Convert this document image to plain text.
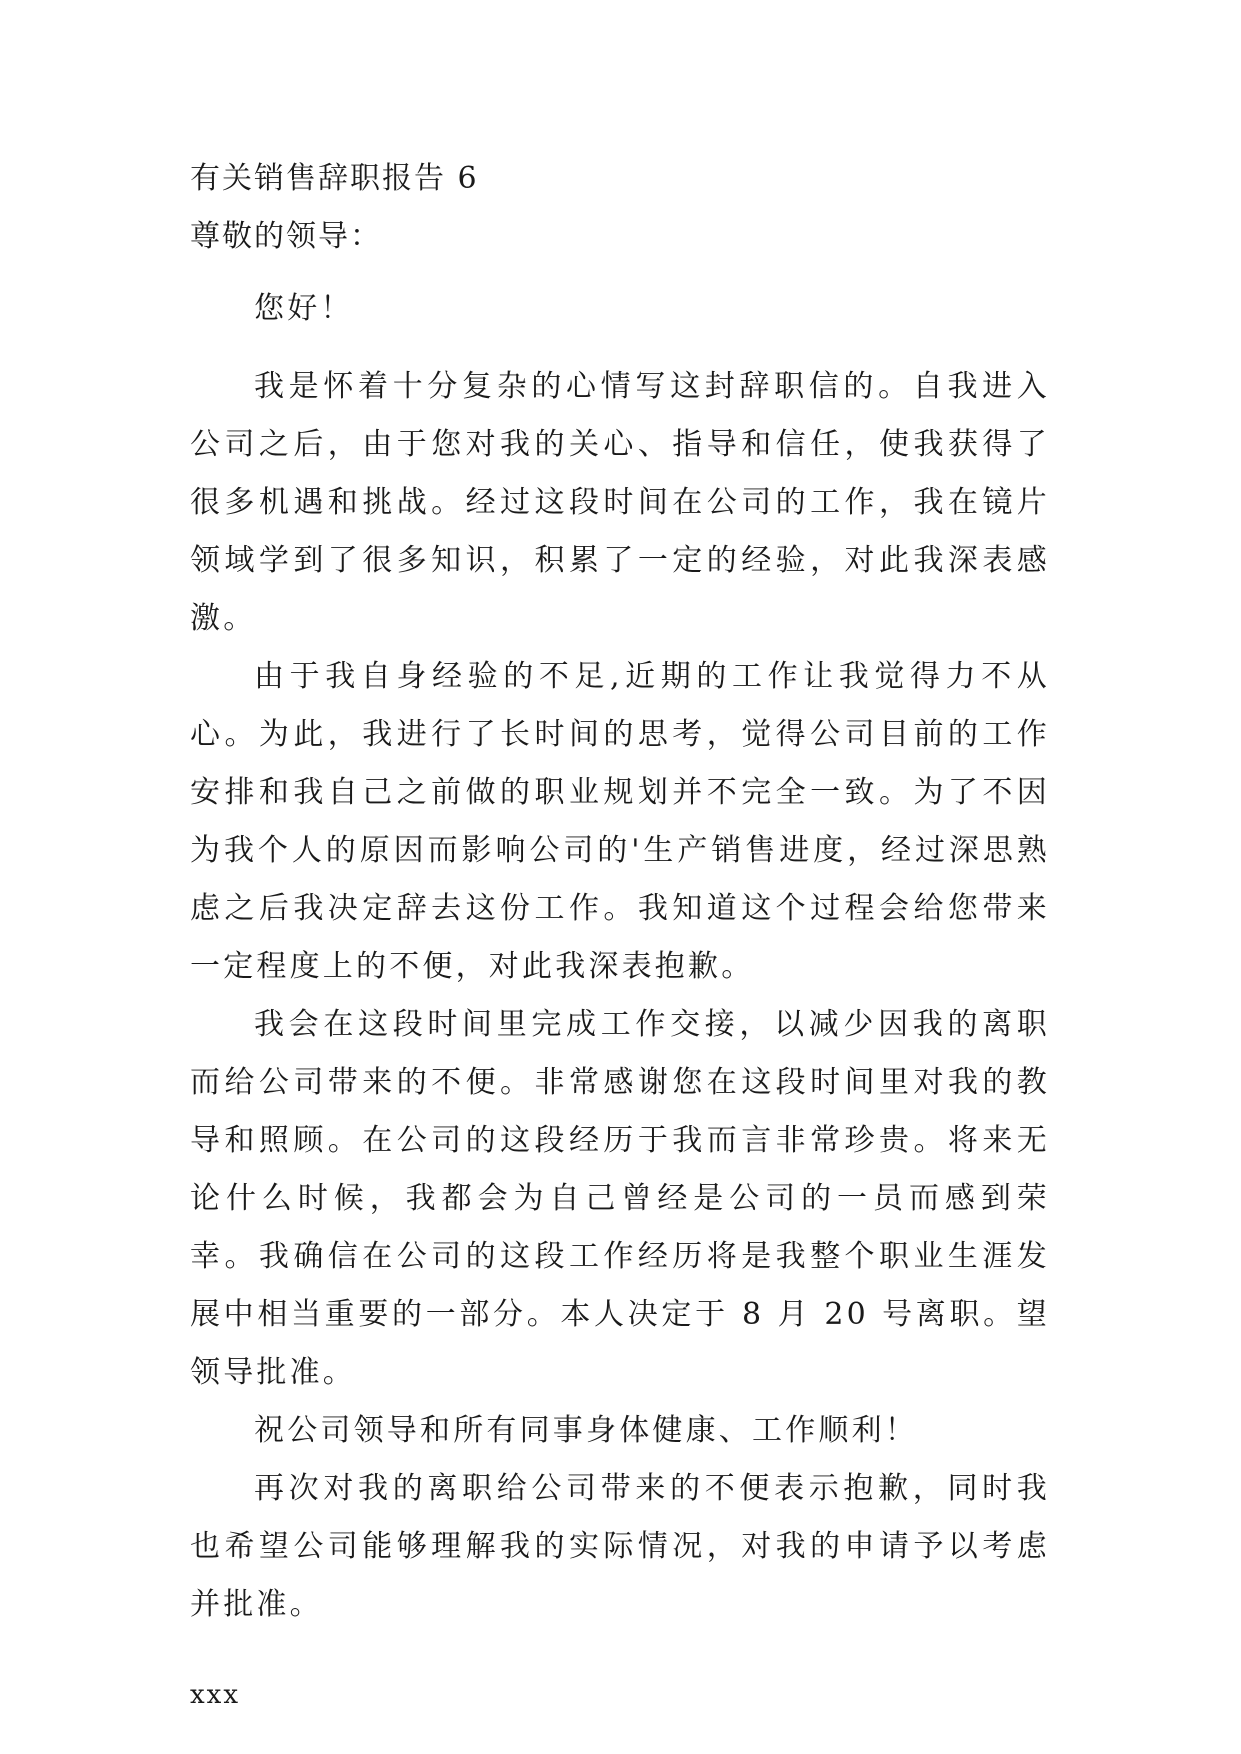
有关销售辞职报告 6

尊敬的领导：

您好！

我是怀着十分复杂的心情写这封辞职信的。自我进入公司之后，由于您对我的关心、指导和信任，使我获得了很多机遇和挑战。经过这段时间在公司的工作，我在镜片领域学到了很多知识，积累了一定的经验，对此我深表感激。

由于我自身经验的不足,近期的工作让我觉得力不从心。为此，我进行了长时间的思考，觉得公司目前的工作安排和我自己之前做的职业规划并不完全一致。为了不因为我个人的原因而影响公司的'生产销售进度，经过深思熟虑之后我决定辞去这份工作。我知道这个过程会给您带来一定程度上的不便，对此我深表抱歉。

我会在这段时间里完成工作交接，以减少因我的离职而给公司带来的不便。非常感谢您在这段时间里对我的教导和照顾。在公司的这段经历于我而言非常珍贵。将来无论什么时候，我都会为自己曾经是公司的一员而感到荣幸。我确信在公司的这段工作经历将是我整个职业生涯发展中相当重要的一部分。本人决定于 8 月 20 号离职。望领导批准。

祝公司领导和所有同事身体健康、工作顺利！

再次对我的离职给公司带来的不便表示抱歉，同时我也希望公司能够理解我的实际情况，对我的申请予以考虑并批准。

xxx
